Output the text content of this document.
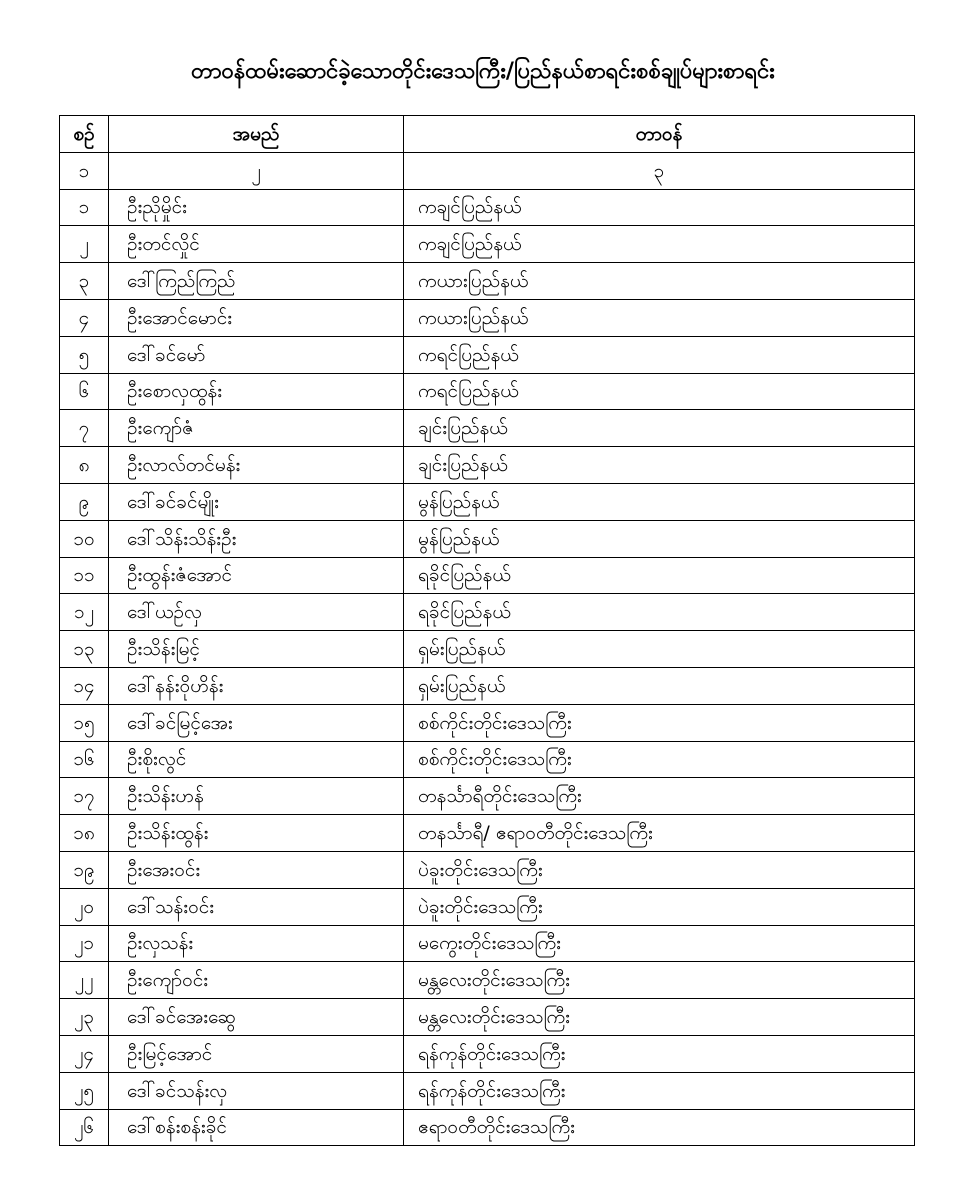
တာဝန်ထမ်းဆောင်ခဲ့သောတိုင်းဒေသကြီး/ပြည်နယ်စာရင်းစစ်ချုပ်များစာရင်း
စဉ်	အမည်	တာဝန်
၁	၂	၃
၁	ဦးညိုမှိုင်း	ကချင်ပြည်နယ်
၂	ဦးတင်လှိုင်	ကချင်ပြည်နယ်
၃	ဒေါ်ကြည်ကြည်	ကယားပြည်နယ်
၄	ဦးအောင်မောင်း	ကယားပြည်နယ်
၅	ဒေါ်ခင်မော်	ကရင်ပြည်နယ်
၆	ဦးစောလှထွန်း	ကရင်ပြည်နယ်
၇	ဦးကျော်ဇံ	ချင်းပြည်နယ်
၈	ဦးလာလ်တင်မန်း	ချင်းပြည်နယ်
၉	ဒေါ်ခင်ခင်မျိုး	မွန်ပြည်နယ်
၁၀	ဒေါ်သိန်းသိန်းဦး	မွန်ပြည်နယ်
၁၁	ဦးထွန်းဇံအောင်	ရခိုင်ပြည်နယ်
၁၂	ဒေါ်ယဉ်လှ	ရခိုင်ပြည်နယ်
၁၃	ဦးသိန်းမြင့်	ရှမ်းပြည်နယ်
၁၄	ဒေါ်နန်းဝိုဟိန်း	ရှမ်းပြည်နယ်
၁၅	ဒေါ်ခင်မြင့်အေး	စစ်ကိုင်းတိုင်းဒေသကြီး
၁၆	ဦးစိုးလွင်	စစ်ကိုင်းတိုင်းဒေသကြီး
၁၇	ဦးသိန်းဟန်	တနင်္သာရီတိုင်းဒေသကြီး
၁၈	ဦးသိန်းထွန်း	တနင်္သာရီ/ ဧရာဝတီတိုင်းဒေသကြီး
၁၉	ဦးအေးဝင်း	ပဲခူးတိုင်းဒေသကြီး
၂၀	ဒေါ်သန်းဝင်း	ပဲခူးတိုင်းဒေသကြီး
၂၁	ဦးလှသန်း	မကွေးတိုင်းဒေသကြီး
၂၂	ဦးကျော်ဝင်း	မန္တလေးတိုင်းဒေသကြီး
၂၃	ဒေါ်ခင်အေးဆွေ	မန္တလေးတိုင်းဒေသကြီး
၂၄	ဦးမြင့်အောင်	ရန်ကုန်တိုင်းဒေသကြီး
၂၅	ဒေါ်ခင်သန်းလှ	ရန်ကုန်တိုင်းဒေသကြီး
၂၆	ဒေါ်စန်းစန်းခိုင်	ဧရာဝတီတိုင်းဒေသကြီး
